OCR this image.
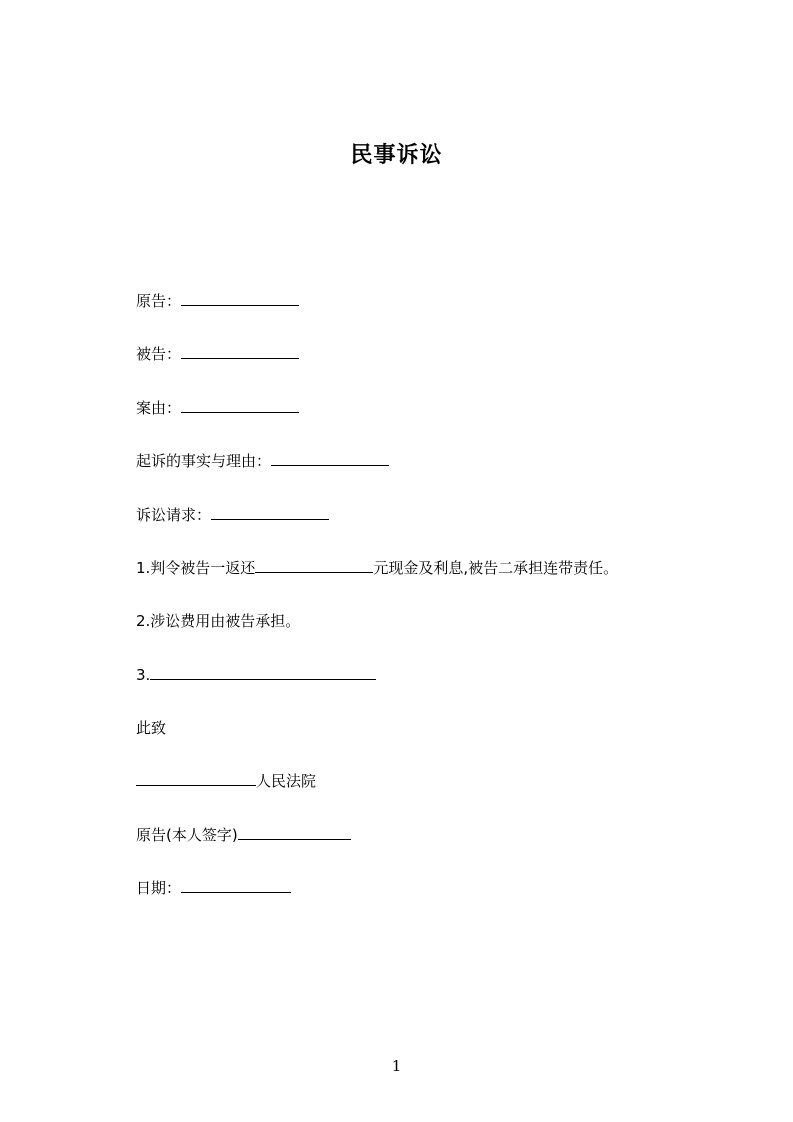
民事诉讼
原告：
被告：
案由：
起诉的事实与理由：
诉讼请求：
1.判令被告一返还	元现金及利息,被告二承担连带责任。
2.涉讼费用由被告承担。
3.
此致
人民法院
原告(本人签字)
日期：
1
